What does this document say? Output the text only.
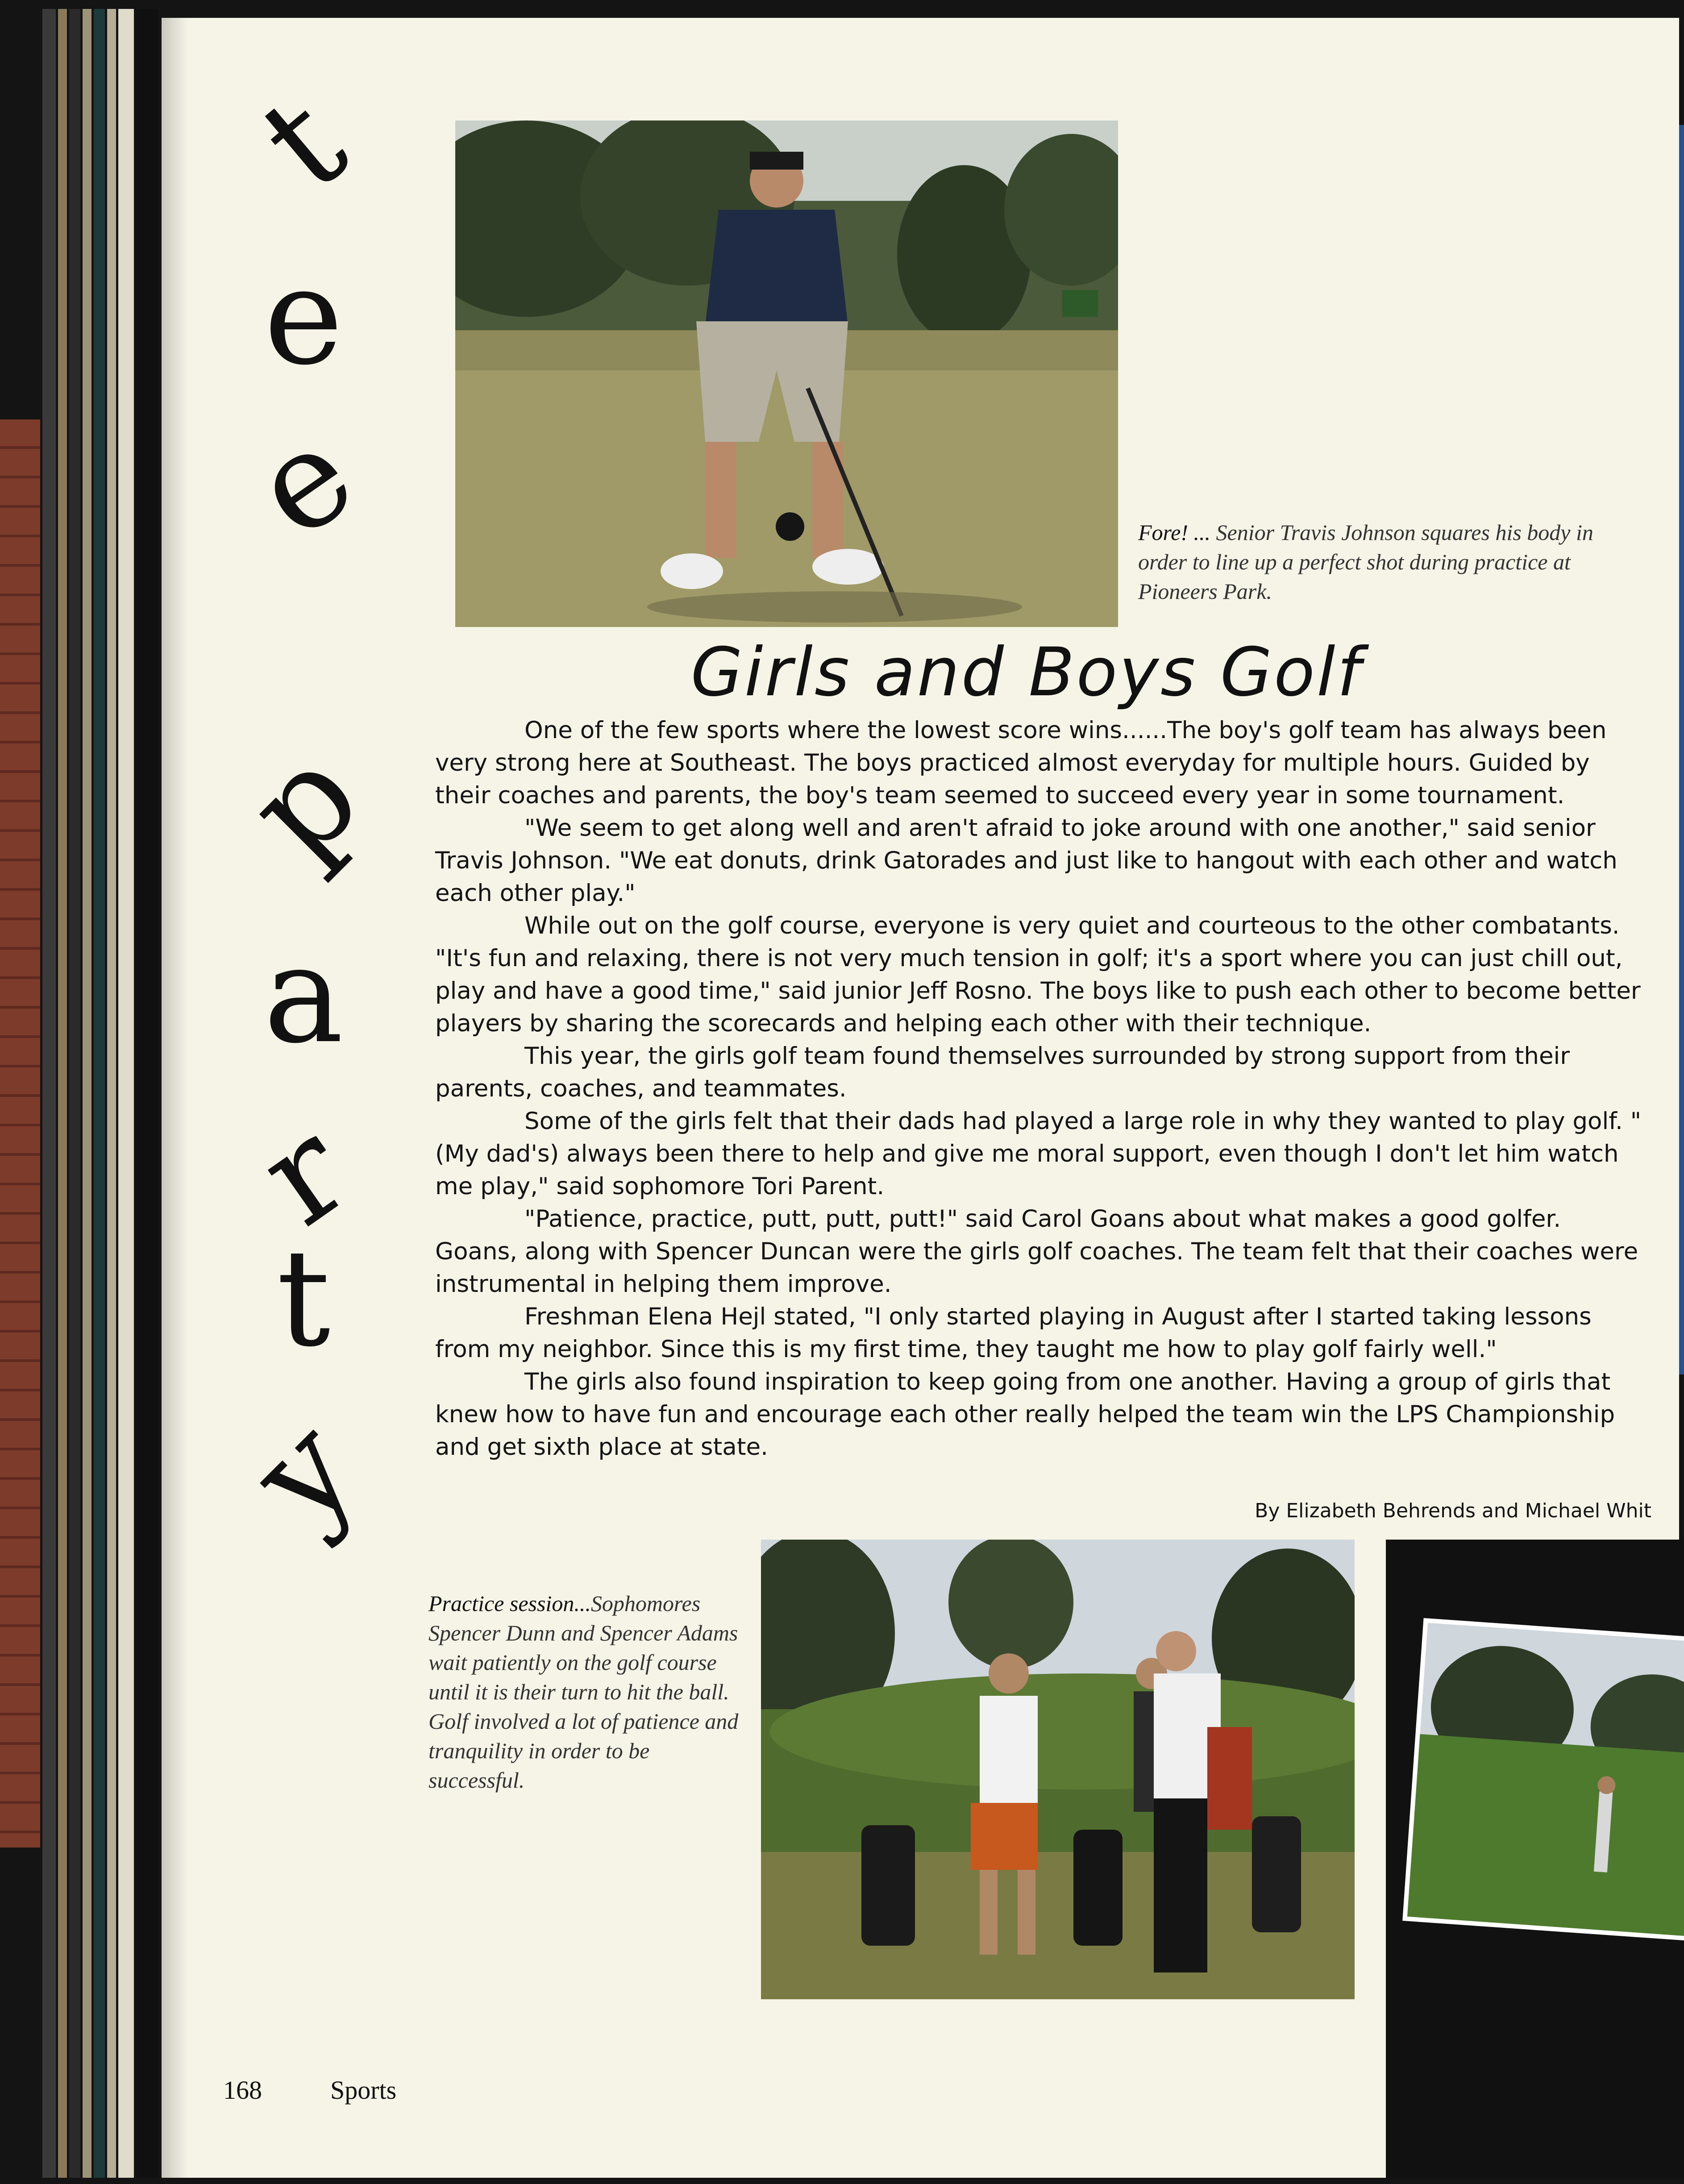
t
e
e
p
a
r
t
y
Fore! ... Senior Travis Johnson squares his body in order to line up a perfect shot during practice at Pioneers Park.
Girls and Boys Golf

One of the few sports where the lowest score wins......The boy's golf team has always been very strong here at Southeast. The boys practiced almost everyday for multiple hours. Guided by their coaches and parents, the boy's team seemed to succeed every year in some tournament.

"We seem to get along well and aren't afraid to joke around with one another," said senior Travis Johnson. "We eat donuts, drink Gatorades and just like to hangout with each other and watch each other play."

While out on the golf course, everyone is very quiet and courteous to the other combatants. "It's fun and relaxing, there is not very much tension in golf; it's a sport where you can just chill out, play and have a good time," said junior Jeff Rosno. The boys like to push each other to become better players by sharing the scorecards and helping each other with their technique.

This year, the girls golf team found themselves surrounded by strong support from their parents, coaches, and teammates.

Some of the girls felt that their dads had played a large role in why they wanted to play golf. "(My dad's) always been there to help and give me moral support, even though I don't let him watch me play," said sophomore Tori Parent.

"Patience, practice, putt, putt, putt!" said Carol Goans about what makes a good golfer. Goans, along with Spencer Duncan were the girls golf coaches. The team felt that their coaches were instrumental in helping them improve.

Freshman Elena Hejl stated, "I only started playing in August after I started taking lessons from my neighbor. Since this is my first time, they taught me how to play golf fairly well."

The girls also found inspiration to keep going from one another. Having a group of girls that knew how to have fun and encourage each other really helped the team win the LPS Championship and get sixth place at state.

By Elizabeth Behrends and Michael Whit
Practice session...Sophomores Spencer Dunn and Spencer Adams wait patiently on the golf course until it is their turn to hit the ball. Golf involved a lot of patience and tranquility in order to be successful.
168	Sports
